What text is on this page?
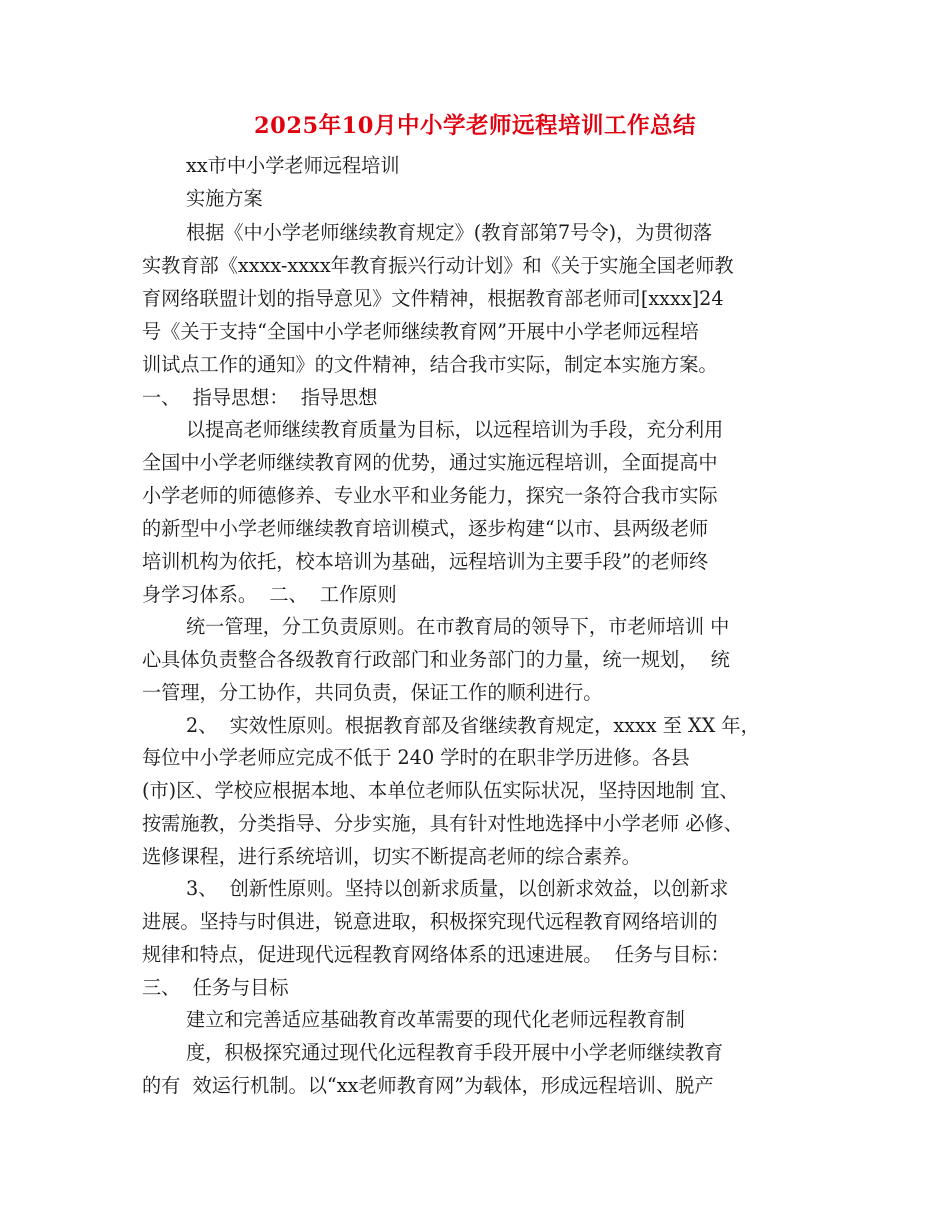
2025年10月中小学老师远程培训工作总结
xx市中小学老师远程培训
实施方案
根据《中小学老师继续教育规定》(教育部第7号令)，为贯彻落
实教育部《xxxx-xxxx年教育振兴行动计划》和《关于实施全国老师教
育网络联盟计划的指导意见》文件精神，根据教育部老师司[xxxx]24
号《关于支持“全国中小学老师继续教育网”开展中小学老师远程培
训试点工作的通知》的文件精神，结合我市实际，制定本实施方案。
一、  指导思想：  指导思想
以提高老师继续教育质量为目标，以远程培训为手段，充分利用
全国中小学老师继续教育网的优势，通过实施远程培训，全面提高中
小学老师的师德修养、专业水平和业务能力，探究一条符合我市实际
的新型中小学老师继续教育培训模式，逐步构建“以市、县两级老师
培训机构为依托，校本培训为基础，远程培训为主要手段”的老师终
身学习体系。  二、  工作原则
统一管理，分工负责原则。在市教育局的领导下，市老师培训 中
心具体负责整合各级教育行政部门和业务部门的力量，统一规划，  统
一管理，分工协作，共同负责，保证工作的顺利进行。
2、  实效性原则。根据教育部及省继续教育规定，xxxx 至 XX 年，
每位中小学老师应完成不低于 240 学时的在职非学历进修。各县
(市)区、学校应根据本地、本单位老师队伍实际状况，坚持因地制 宜、
按需施教，分类指导、分步实施，具有针对性地选择中小学老师 必修、
选修课程，进行系统培训，切实不断提高老师的综合素养。
3、  创新性原则。坚持以创新求质量，以创新求效益，以创新求
进展。坚持与时俱进，锐意进取，积极探究现代远程教育网络培训的
规律和特点，促进现代远程教育网络体系的迅速进展。  任务与目标：
三、  任务与目标
建立和完善适应基础教育改革需要的现代化老师远程教育制
度，积极探究通过现代化远程教育手段开展中小学老师继续教育
的有  效运行机制。以“xx老师教育网”为载体，形成远程培训、脱产
